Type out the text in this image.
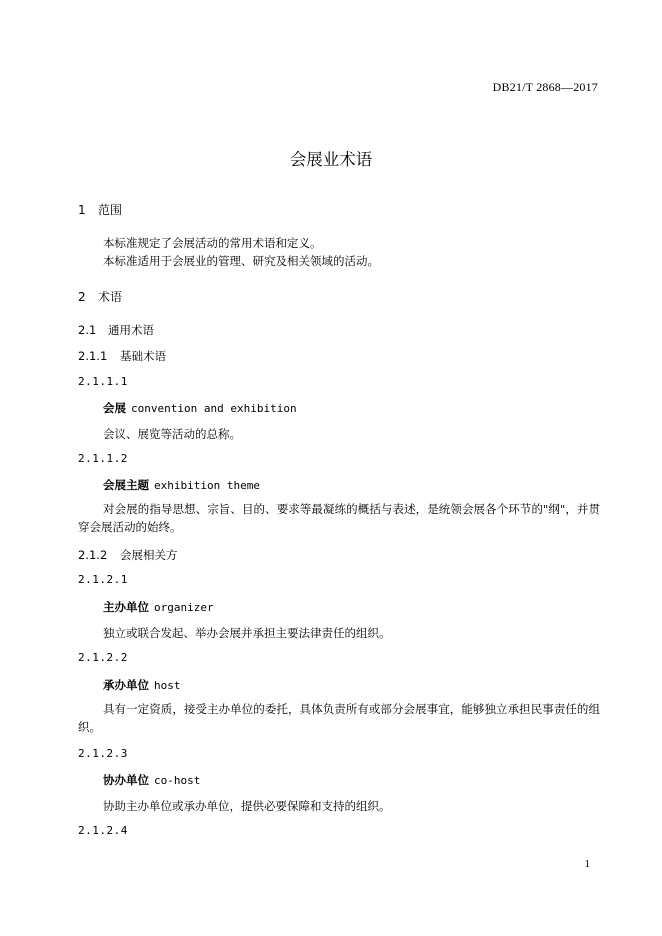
DB21/T 2868—2017
会展业术语
1 范围
本标准规定了会展活动的常用术语和定义。
本标准适用于会展业的管理、研究及相关领域的活动。
2 术语
2.1 通用术语
2.1.1 基础术语
2.1.1.1
会展 convention and exhibition
会议、展览等活动的总称。
2.1.1.2
会展主题 exhibition theme
对会展的指导思想、宗旨、目的、要求等最凝练的概括与表述，是统领会展各个环节的"纲"，并贯穿会展活动的始终。
2.1.2 会展相关方
2.1.2.1
主办单位 organizer
独立或联合发起、举办会展并承担主要法律责任的组织。
2.1.2.2
承办单位 host
具有一定资质，接受主办单位的委托，具体负责所有或部分会展事宜，能够独立承担民事责任的组织。
2.1.2.3
协办单位 co-host
协助主办单位或承办单位，提供必要保障和支持的组织。
2.1.2.4
1
